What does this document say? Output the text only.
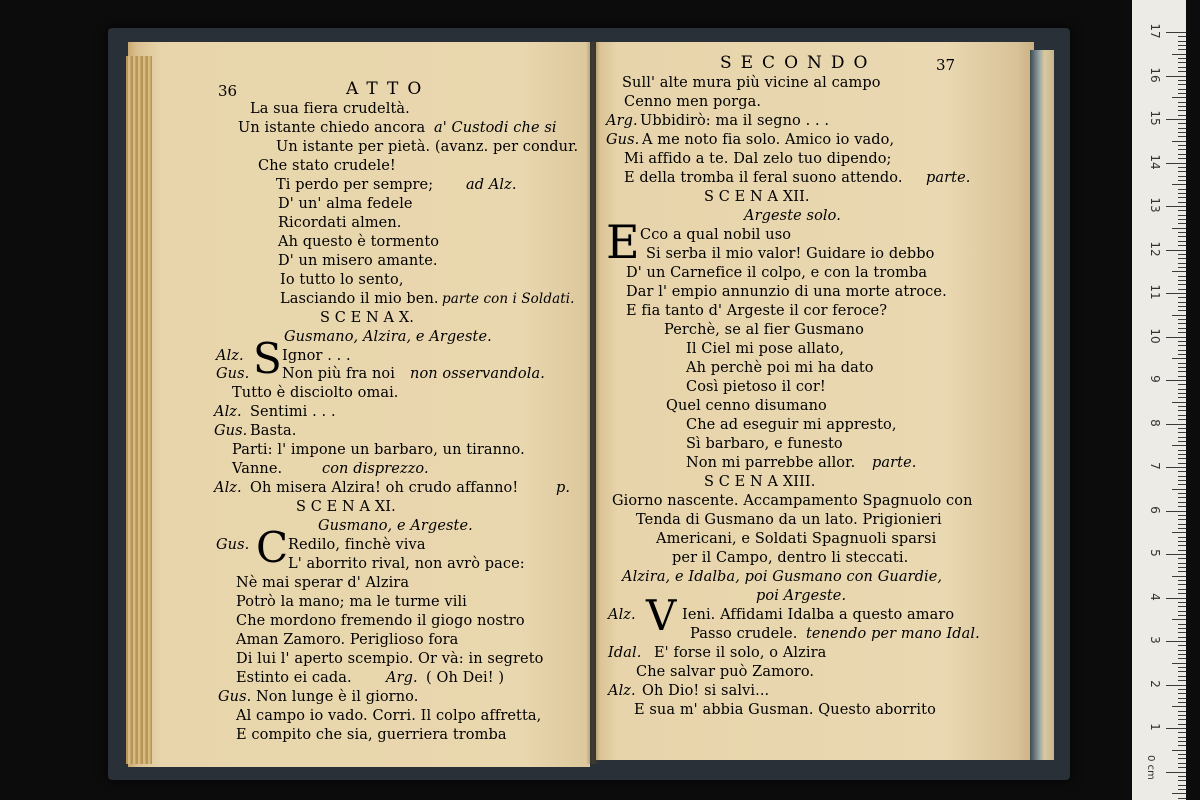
36	ATTO
La sua fiera crudeltà.
Un istante chiedo ancora a' Custodi che si
Un istante per pietà. (avanz. per condur.
Che stato crudele!
Ti perdo per sempre; ad Alz.
D' un' alma fedele
Ricordati almen.
Ah questo è tormento
D' un misero amante.
Io tutto lo sento,
Lasciando il mio ben. parte con i Soldati.
S C E N A X.
Gusmano, Alzira, e Argeste.
Alz.
Gus. S Ignor . . .
Non più fra noi non osservandola.
Tutto è disciolto omai.
Alz. Sentimi . . .
Gus. Basta.
Parti: l' impone un barbaro, un tiranno.
Vanne.	con disprezzo.
Alz. Oh misera Alzira! oh crudo affanno!	p.
S C E N A XI.
Gusmano, e Argeste.
Gus. C Redilo, finchè viva
L' aborrito rival, non avrò pace:
Nè mai sperar d' Alzira
Potrò la mano; ma le turme vili
Che mordono fremendo il giogo nostro
Aman Zamoro. Periglioso fora
Di lui l' aperto scempio. Or và: in segreto
Estinto ei cada. Arg. ( Oh Dei! )
Gus. Non lunge è il giorno.
Al campo io vado. Corri. Il colpo affretta,
E compito che sia, guerriera tromba
SECONDO	37
Sull' alte mura più vicine al campo
Cenno men porga.
Arg. Ubbidirò: ma il segno . . .
Gus. A me noto fia solo. Amico io vado,
Mi affido a te. Dal zelo tuo dipendo;
E della tromba il feral suono attendo. parte.
S C E N A XII.
Argeste solo.
E Cco a qual nobil uso
Si serba il mio valor! Guidare io debbo
D' un Carnefice il colpo, e con la tromba
Dar l' empio annunzio di una morte atroce.
E fia tanto d' Argeste il cor feroce?
Perchè, se al fier Gusmano
Il Ciel mi pose allato,
Ah perchè poi mi ha dato
Così pietoso il cor!
Quel cenno disumano
Che ad eseguir mi appresto,
Sì barbaro, e funesto
Non mi parrebbe allor. parte.
S C E N A XIII.
Giorno nascente. Accampamento Spagnuolo con
Tenda di Gusmano da un lato. Prigionieri
Americani, e Soldati Spagnuoli sparsi
per il Campo, dentro li steccati.
Alzira, e Idalba, poi Gusmano con Guardie,
poi Argeste.
Alz. V Ieni. Affidami Idalba a questo amaro
Passo crudele. tenendo per mano Idal.
Idal. E' forse il solo, o Alzira
Che salvar può Zamoro.
Alz. Oh Dio! si salvi...
E sua m' abbia Gusman. Questo aborrito
17
16
15
14
13
12
11
10
9
8
7
6
5
4
3
2
1
0 cm
